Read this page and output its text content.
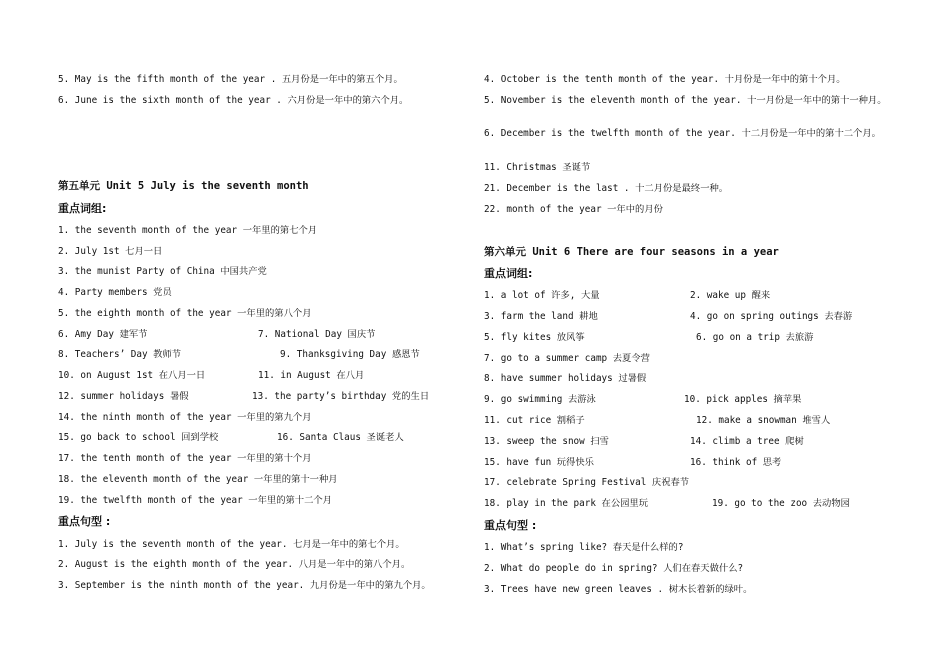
5. May is the fifth month of the year . 五月份是一年中的第五个月。
6. June is the sixth month of the year . 六月份是一年中的第六个月。
第五单元 Unit 5 July is the seventh month
重点词组:
1. the seventh month of the year 一年里的第七个月
2. July 1st 七月一日
3. the munist Party of China 中国共产党
4. Party members 党员
5. the eighth month of the year 一年里的第八个月
6. Amy Day 建军节	7. National Day 国庆节
8. Teachers’ Day 教师节	9. Thanksgiving Day 感恩节
10. on August 1st 在八月一日	11. in August 在八月
12. summer holidays 暑假	13. the party’s birthday 党的生日
14. the ninth month of the year 一年里的第九个月
15. go back to school 回到学校	16. Santa Claus 圣诞老人
17. the tenth month of the year 一年里的第十个月
18. the eleventh month of the year 一年里的第十一种月
19. the twelfth month of the year 一年里的第十二个月
重点句型 :
1. July is the seventh month of the year. 七月是一年中的第七个月。
2. August is the eighth month of the year. 八月是一年中的第八个月。
3. September is the ninth month of the year. 九月份是一年中的第九个月。
4. October is the tenth month of the year. 十月份是一年中的第十个月。
5. November is the eleventh month of the year. 十一月份是一年中的第十一种月。
6. December is the twelfth month of the year. 十二月份是一年中的第十二个月。
11. Christmas 圣诞节
21. December is the last . 十二月份是最终一种。
22. month of the year 一年中的月份
第六单元 Unit 6 There are four seasons in a year
重点词组:
1. a lot of 许多, 大量	2. wake up 醒来
3. farm the land 耕地	4. go on spring outings 去春游
5. fly kites 放风筝	6. go on a trip 去旅游
7. go to a summer camp 去夏令营
8. have summer holidays 过暑假
9. go swimming 去游泳	10. pick apples 摘苹果
11. cut rice 割稻子	12. make a snowman 堆雪人
13. sweep the snow 扫雪	14. climb a tree 爬树
15. have fun 玩得快乐	16. think of 思考
17. celebrate Spring Festival 庆祝春节
18. play in the park 在公园里玩	19. go to the zoo 去动物园
重点句型 :
1. What’s spring like? 春天是什么样的?
2. What do people do in spring? 人们在春天做什么?
3. Trees have new green leaves . 树木长着新的绿叶。
